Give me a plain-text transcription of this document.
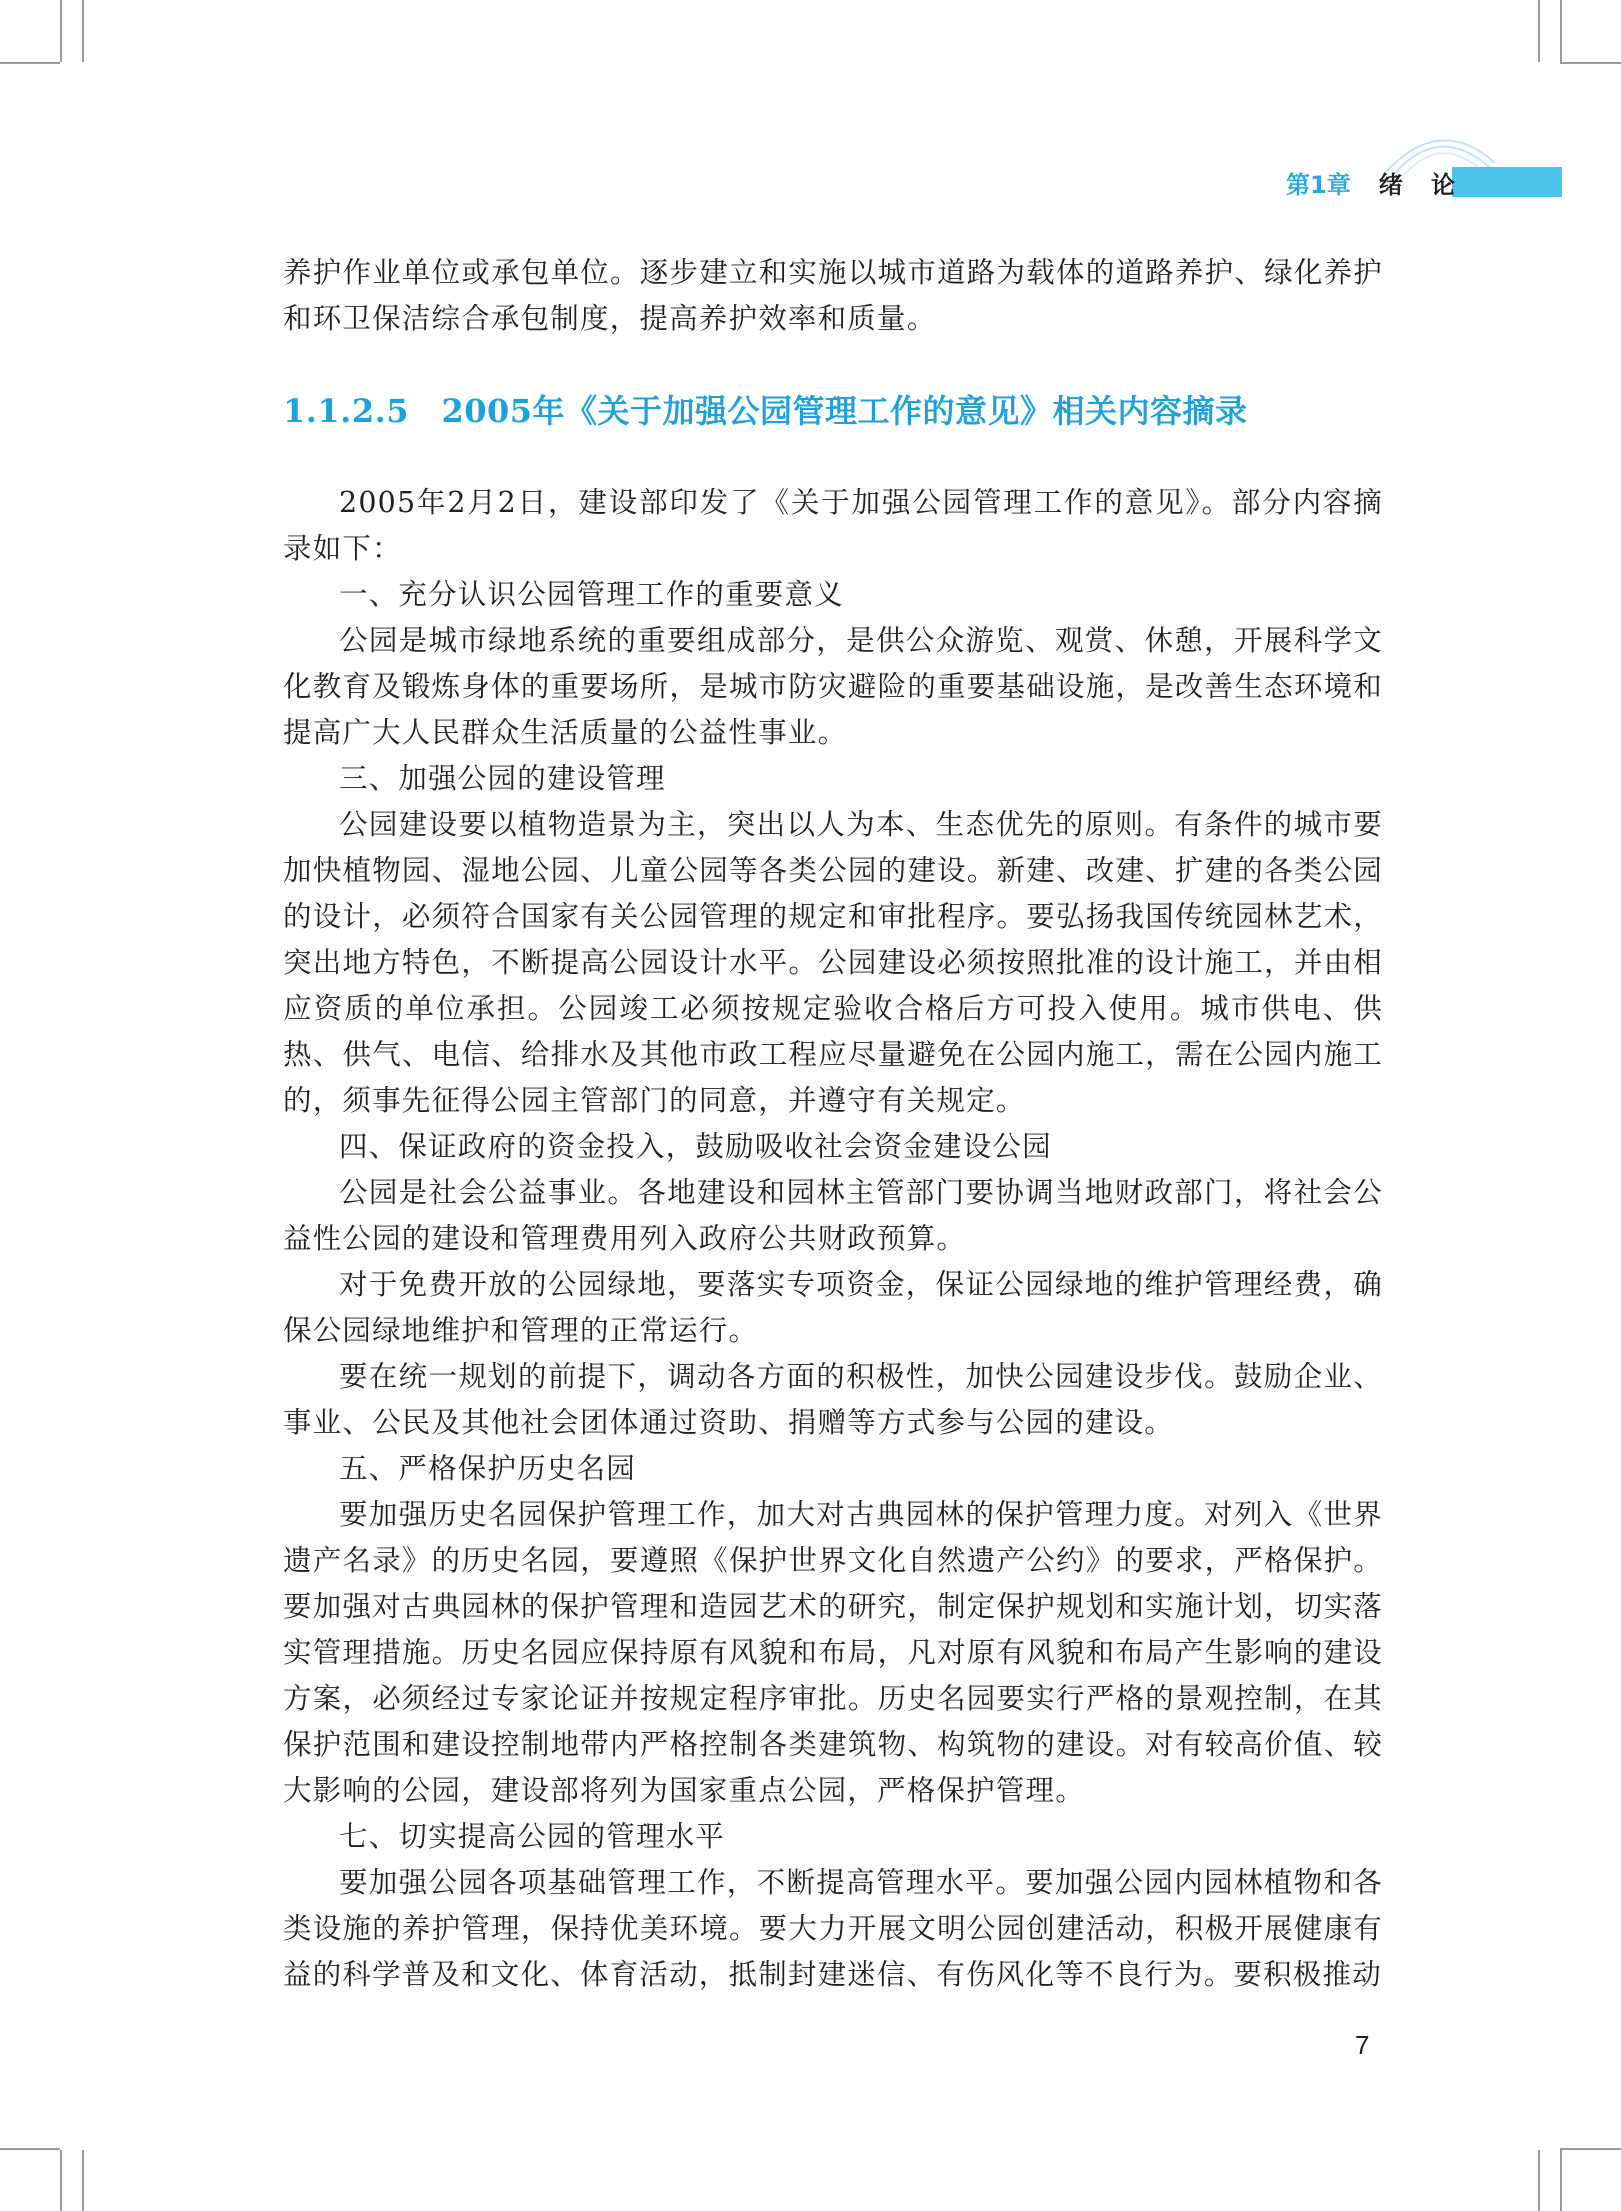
第1章 绪 论

养护作业单位或承包单位。逐步建立和实施以城市道路为载体的道路养护、绿化养护和环卫保洁综合承包制度，提高养护效率和质量。

1.1.2.5　2005年《关于加强公园管理工作的意见》相关内容摘录

2005年2月2日，建设部印发了《关于加强公园管理工作的意见》。部分内容摘录如下：

一、充分认识公园管理工作的重要意义

公园是城市绿地系统的重要组成部分，是供公众游览、观赏、休憩，开展科学文化教育及锻炼身体的重要场所，是城市防灾避险的重要基础设施，是改善生态环境和提高广大人民群众生活质量的公益性事业。

三、加强公园的建设管理

公园建设要以植物造景为主，突出以人为本、生态优先的原则。有条件的城市要加快植物园、湿地公园、儿童公园等各类公园的建设。新建、改建、扩建的各类公园的设计，必须符合国家有关公园管理的规定和审批程序。要弘扬我国传统园林艺术，突出地方特色，不断提高公园设计水平。公园建设必须按照批准的设计施工，并由相应资质的单位承担。公园竣工必须按规定验收合格后方可投入使用。城市供电、供热、供气、电信、给排水及其他市政工程应尽量避免在公园内施工，需在公园内施工的，须事先征得公园主管部门的同意，并遵守有关规定。

四、保证政府的资金投入，鼓励吸收社会资金建设公园

公园是社会公益事业。各地建设和园林主管部门要协调当地财政部门，将社会公益性公园的建设和管理费用列入政府公共财政预算。

对于免费开放的公园绿地，要落实专项资金，保证公园绿地的维护管理经费，确保公园绿地维护和管理的正常运行。

要在统一规划的前提下，调动各方面的积极性，加快公园建设步伐。鼓励企业、事业、公民及其他社会团体通过资助、捐赠等方式参与公园的建设。

五、严格保护历史名园

要加强历史名园保护管理工作，加大对古典园林的保护管理力度。对列入《世界遗产名录》的历史名园，要遵照《保护世界文化自然遗产公约》的要求，严格保护。要加强对古典园林的保护管理和造园艺术的研究，制定保护规划和实施计划，切实落实管理措施。历史名园应保持原有风貌和布局，凡对原有风貌和布局产生影响的建设方案，必须经过专家论证并按规定程序审批。历史名园要实行严格的景观控制，在其保护范围和建设控制地带内严格控制各类建筑物、构筑物的建设。对有较高价值、较大影响的公园，建设部将列为国家重点公园，严格保护管理。

七、切实提高公园的管理水平

要加强公园各项基础管理工作，不断提高管理水平。要加强公园内园林植物和各类设施的养护管理，保持优美环境。要大力开展文明公园创建活动，积极开展健康有益的科学普及和文化、体育活动，抵制封建迷信、有伤风化等不良行为。要积极推动

7
